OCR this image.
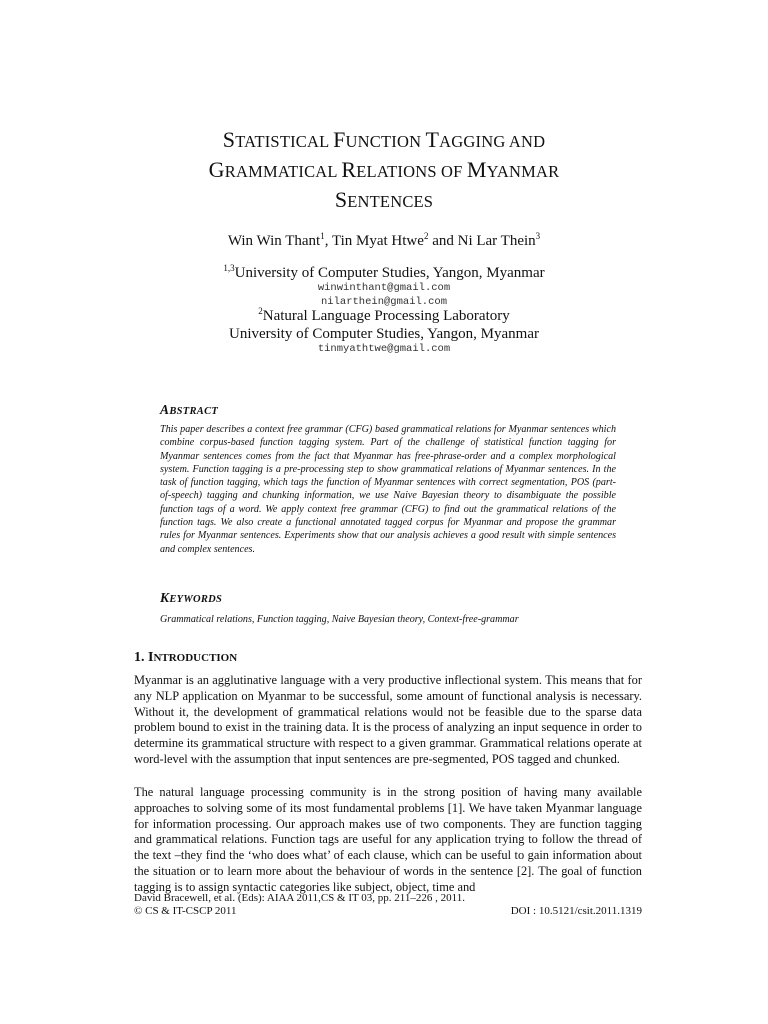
STATISTICAL FUNCTION TAGGING AND
GRAMMATICAL RELATIONS OF MYANMAR
SENTENCES
Win Win Thant$^1$, Tin Myat Htwe$^2$ and Ni Lar Thein$^3$
$^{1,3}$University of Computer Studies, Yangon, Myanmar
winwinthant@gmail.com
nilarthein@gmail.com
$^2$Natural Language Processing Laboratory
University of Computer Studies, Yangon, Myanmar
tinmyathtwe@gmail.com
ABSTRACT
This paper describes a context free grammar (CFG) based grammatical relations for Myanmar sentences which combine corpus-based function tagging system. Part of the challenge of statistical function tagging for Myanmar sentences comes from the fact that Myanmar has free-phrase-order and a complex morphological system. Function tagging is a pre-processing step to show grammatical relations of Myanmar sentences. In the task of function tagging, which tags the function of Myanmar sentences with correct segmentation, POS (part-of-speech) tagging and chunking information, we use Naive Bayesian theory to disambiguate the possible function tags of a word. We apply context free grammar (CFG) to find out the grammatical relations of the function tags. We also create a functional annotated tagged corpus for Myanmar and propose the grammar rules for Myanmar sentences. Experiments show that our analysis achieves a good result with simple sentences and complex sentences.
KEYWORDS
Grammatical relations, Function tagging, Naive Bayesian theory, Context-free-grammar
1. INTRODUCTION
Myanmar is an agglutinative language with a very productive inflectional system. This means that for any NLP application on Myanmar to be successful, some amount of functional analysis is necessary. Without it, the development of grammatical relations would not be feasible due to the sparse data problem bound to exist in the training data. It is the process of analyzing an input sequence in order to determine its grammatical structure with respect to a given grammar. Grammatical relations operate at word-level with the assumption that input sentences are pre-segmented, POS tagged and chunked.
The natural language processing community is in the strong position of having many available approaches to solving some of its most fundamental problems [1]. We have taken Myanmar language for information processing. Our approach makes use of two components. They are function tagging and grammatical relations. Function tags are useful for any application trying to follow the thread of the text –they find the ‘who does what’ of each clause, which can be useful to gain information about the situation or to learn more about the behaviour of words in the sentence [2]. The goal of function tagging is to assign syntactic categories like subject, object, time and
David Bracewell, et al. (Eds): AIAA 2011,CS & IT 03, pp. 211–226 , 2011.
© CS & IT-CSCP 2011	DOI : 10.5121/csit.2011.1319
